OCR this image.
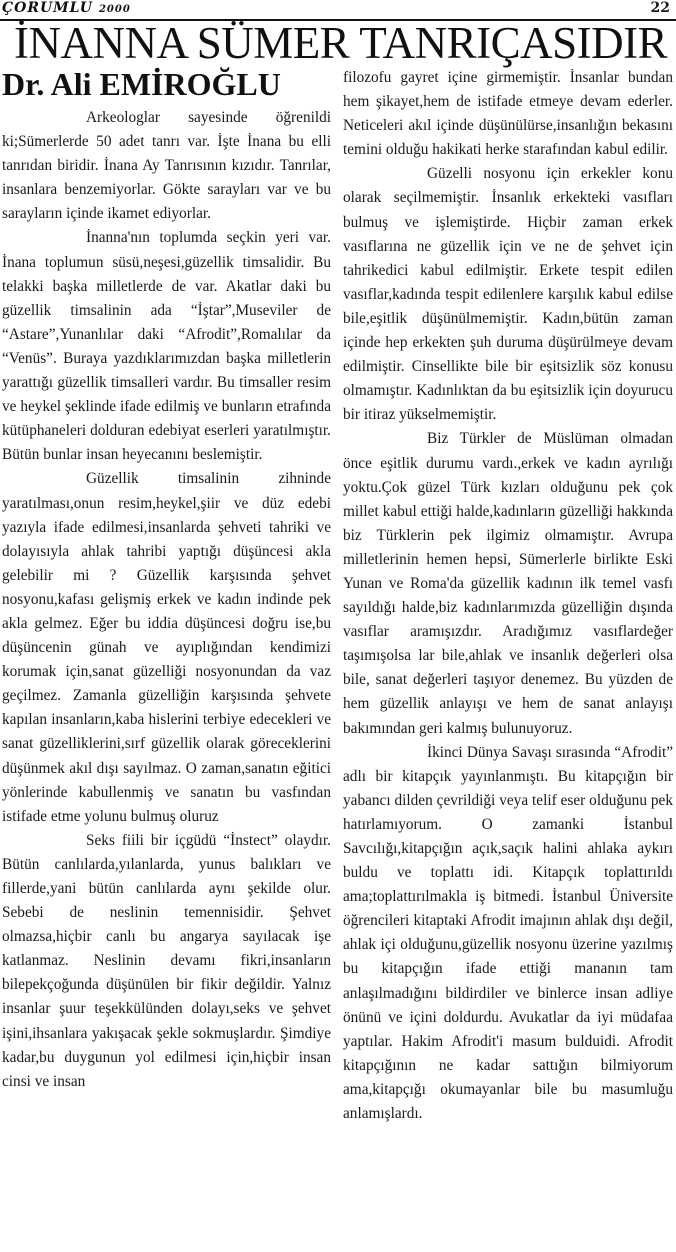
ÇORUMLU 2000	22
İNANNA SÜMER TANRIÇASIDIR
Dr. Ali EMİROĞLU

Arkeologlar sayesinde öğrenildi ki;Sümerlerde 50 adet tanrı var. İşte İnana bu elli tanrıdan biridir. İnana Ay Tanrısının kızıdır. Tanrılar, insanlara benzemiyorlar. Gökte sarayları var ve bu sarayların içinde ikamet ediyorlar.

İnanna'nın toplumda seçkin yeri var. İnana toplumun süsü,neşesi,güzellik timsalidir. Bu telakki başka milletlerde de var. Akatlar daki bu güzellik timsalinin ada “İştar”,Museviler de “Astare”,Yunanlılar daki “Afrodit”,Romalılar da “Venüs”. Buraya yazdıklarımızdan başka milletlerin yarattığı güzellik timsalleri vardır. Bu timsaller resim ve heykel şeklinde ifade edilmiş ve bunların etrafında kütüphaneleri dolduran edebiyat eserleri yaratılmıştır. Bütün bunlar insan heyecanını beslemiştir.

Güzellik timsalinin zihninde yaratılması,onun resim,heykel,şiir ve düz edebi yazıyla ifade edilmesi,insanlarda şehveti tahriki ve dolayısıyla ahlak tahribi yaptığı düşüncesi akla gelebilir mi ? Güzellik karşısında şehvet nosyonu,kafası gelişmiş erkek ve kadın indinde pek akla gelmez. Eğer bu iddia düşüncesi doğru ise,bu düşüncenin günah ve ayıplığından kendimizi korumak için,sanat güzelliği nosyonundan da vaz geçilmez. Zamanla güzelliğin karşısında şehvete kapılan insanların,kaba hislerini terbiye edecekleri ve sanat güzelliklerini,sırf güzellik olarak göreceklerini düşünmek akıl dışı sayılmaz. O zaman,sanatın eğitici yönlerinde kabullenmiş ve sanatın bu vasfından istifade etme yolunu bulmuş oluruz

Seks fiili bir içgüdü “İnstect” olaydır. Bütün canlılarda,yılanlarda, yunus balıkları ve fillerde,yani bütün canlılarda aynı şekilde olur. Sebebi de neslinin temennisidir. Şehvet olmazsa,hiçbir canlı bu angarya sayılacak işe katlanmaz. Neslinin devamı fikri,insanların bilepekçoğunda düşünülen bir fikir değildir. Yalnız insanlar şuur teşekkülünden dolayı,seks ve şehvet işini,ihsanlara yakışacak şekle sokmuşlardır. Şimdiye kadar,bu duygunun yol edilmesi için,hiçbir insan cinsi ve insan

filozofu gayret içine girmemiştir. İnsanlar bundan hem şikayet,hem de istifade etmeye devam ederler. Neticeleri akıl içinde düşünülürse,insanlığın bekasını temini olduğu hakikati herke starafından kabul edilir.

Güzelli nosyonu için erkekler konu olarak seçilmemiştir. İnsanlık erkekteki vasıfları bulmuş ve işlemiştirde. Hiçbir zaman erkek vasıflarına ne güzellik için ve ne de şehvet için tahrikedici kabul edilmiştir. Erkete tespit edilen vasıflar,kadında tespit edilenlere karşılık kabul edilse bile,eşitlik düşünülmemiştir. Kadın,bütün zaman içinde hep erkekten şuh duruma düşürülmeye devam edilmiştir. Cinsellikte bile bir eşitsizlik söz konusu olmamıştır. Kadınlıktan da bu eşitsizlik için doyurucu bir itiraz yükselmemiştir.

Biz Türkler de Müslüman olmadan önce eşitlik durumu vardı.,erkek ve kadın ayrılığı yoktu.Çok güzel Türk kızları olduğunu pek çok millet kabul ettiği halde,kadınların güzelliği hakkında biz Türklerin pek ilgimiz olmamıştır. Avrupa milletlerinin hemen hepsi, Sümerlerle birlikte Eski Yunan ve Roma'da güzellik kadının ilk temel vasfı sayıldığı halde,biz kadınlarımızda güzelliğin dışında vasıflar aramışızdır. Aradığımız vasıflardeğer taşımışolsa lar bile,ahlak ve insanlık değerleri olsa bile, sanat değerleri taşıyor denemez. Bu yüzden de hem güzellik anlayışı ve hem de sanat anlayışı bakımından geri kalmış bulunuyoruz.

İkinci Dünya Savaşı sırasında “Afrodit” adlı bir kitapçık yayınlanmıştı. Bu kitapçığın bir yabancı dilden çevrildiği veya telif eser olduğunu pek hatırlamıyorum. O zamanki İstanbul Savcılığı,kitapçığın açık,saçık halini ahlaka aykırı buldu ve toplattı idi. Kitapçık toplattırıldı ama;toplattırılmakla iş bitmedi. İstanbul Üniversite öğrencileri kitaptaki Afrodit imajının ahlak dışı değil, ahlak içi olduğunu,güzellik nosyonu üzerine yazılmış bu kitapçığın ifade ettiği mananın tam anlaşılmadığını bildirdiler ve binlerce insan adliye önünü ve içini doldurdu. Avukatlar da iyi müdafaa yaptılar. Hakim Afrodit'i masum bulduidi. Afrodit kitapçığının ne kadar sattığın bilmiyorum ama,kitapçığı okumayanlar bile bu masumluğu anlamışlardı.
